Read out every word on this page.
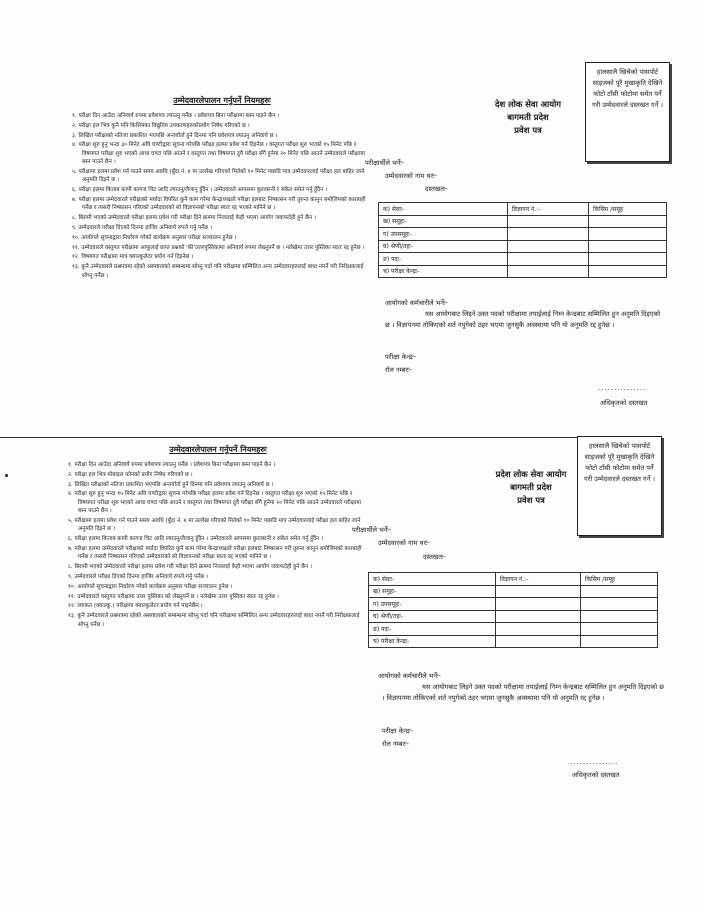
उम्मेदवारलेपालन गर्नुपर्ने नियमहरुः
१. परीक्षा दिन आउँदा अनिवार्य रुपमा प्रवेशपत्र ल्याउनु पर्नेछ । प्रवेशपत्र बिना परीक्षामा बस्न पाइने छैन ।
२. परीक्षा हल भित्र कुनै पनि किसिमका विद्युतिय उपकरणहरुकोप्रयोग निषेध गरिएको छ ।
३. लिखित परीक्षाको नतिजा प्रकाशित भएपछि अन्तर्वार्ता हुने दिनमा पनि प्रवेशपत्र ल्याउनु अनिवार्य छ ।
४. परीक्षा शुरु हुनु भन्दा ३० मिनेट अघि घण्टीद्वारा सूचना गरेपछि परीक्षा हलमा प्रवेश गर्न दिइनेछ । वस्तुगत परीक्षा शुरु भएको १५ मिनेट पछि र विषयगत परीक्षा शुरु भएको आधा घण्टा पछि आउने र वस्तुगत तथा विषयगत दुवै परीक्षा सँगै हुनेमा २० मिनेट पछि आउने उम्मेदवारले परीक्षामा बस्न पाउने छैन ।
५. परीक्षामा हलमा प्रवेश गर्न पाउने समय अवधि (बुँदा नं. ४ मा उल्लेख गरिएको मितेको १० मिनेट पछाडि मात्र उम्मेदवारलाई परीक्षा हल बाहिर जाने अनुमति दिइने छ ।
६. परीक्षा हलमा किताब कापी कागज चिट आदि ल्याउनु/लैजानु हुँदैन । उम्मेदवारले आपसमा कुराकानी र संकेत समेत गर्नु हुँदैन ।
७. परीक्षा हलमा उम्मेदवारले परीक्षाको मर्यादा विपरित कुनै काम गरेमा केन्द्राध्यक्षले परीक्षा हलबाट निष्कासन गरी तुरुन्त कानुन बमोजिमको कारबाही गर्नेछ र त्यसरी निष्कासन गरिएको उम्मेदवारको सो विज्ञापनको परीक्षा स्वतः रद्द भएको मानिने छ ।
८. बिरामी भएको उम्मेदवारले परीक्षा हलमा प्रवेश गरी परीक्षा दिने क्रममा निजलाई केही भएमा आयोग जवाफदेही हुने छैन ।
९. उम्मेदवारले परीक्षा दिएको दिनमा हाजिर अनिवार्य रुपले गर्नु पर्नेछ ।
१०. आयोगले सूचनाद्वारा निर्धारण गरेको कार्यक्रम अनुसार परीक्षा सञ्चालन हुनेछ ।
११. उम्मेदवारले वस्तुगत परीक्षामा आफूलाई प्राप्त प्रश्नको 'की'उत्तरपुस्तिकामा अनिवार्य रुपमा लेख्नुपर्ने छ । नलेखेमा उत्तर पुस्तिका स्वतः रद्द हुनेछ ।
१२. विषयगत परीक्षामा मात्र क्याल्कुलेटर प्रयोग गर्न दिइनेछ ।
१३. कुनै उम्मेदवारले प्रश्नपत्रमा रहेको अस्पष्टताको सम्बन्धमा सोध्नु पर्दा पनि परीक्षामा सम्मिलित अन्य उम्मेदवारहरुलाई बाधा नपर्ने गरी निरीक्षकलाई सोध्नु पर्नेछ ।
देश लोक सेवा आयोग
बागमती प्रदेश
प्रवेश पत्र
हालसालै खिचेको पासपोर्ट साइजको पूरै मुखाकृति देखिने फोटो टाँसी फोटोमा समेत पर्ने गरी उम्मेदवारले दस्तखत गर्ने ।
परीक्षार्थीले भर्नेः-
उम्मेदवारको नाम थरः-
दस्तखतः-
क) सेवाः-	विज्ञापन नं.:-	किसिम /समूह
ख) समूहः-		
ग) उपसमूहः-		
घ) श्रेणी/तहः-		
ङ) पदः-		
च) परीक्षा केन्द्रः-		
आयोगको कर्मचारीले भर्नेः-
यस आयोगबाट लिइने उक्त पदको परीक्षामा तपाईलाई निम्न केन्द्रबाट सम्मिलित हुन अनुमति दिइएको छ । विज्ञापनमा तोकिएको शर्त नपुगेको ठहर भएमा जुनसुकै अवस्थामा पनि यो अनुमति रद्द हुनेछ ।
परीक्षा केन्द्रः-
रोल नम्बरः-
...............
अधिकृतको दस्तखत
उम्मेदवारलेपालन गर्नुपर्ने नियमहरुः
१. परीक्षा दिन आउँदा अनिवार्य रुपमा प्रवेशपत्र ल्याउनु पर्नेछ । प्रवेशपत्र बिना परीक्षामा बस्न पाइने छैन ।
२. परीक्षा हल भित्र मोबाइल फोनको प्रयोग निषेध गरिएको छ ।
३. लिखित परीक्षाको नतिजा प्रकाशित भएपछि अन्तर्वार्ता हुने दिनमा पनि प्रवेशपत्र ल्याउनु अनिवार्य छ ।
४. परीक्षा शुरु हुनु भन्दा १५ मिनेट अघि घण्टीद्वारा सूचना गरेपछि परीक्षा हलमा प्रवेश गर्न दिइनेछ । वस्तुगत परीक्षा शुरु भएको १५ मिनेट पछि र विषयगत परीक्षा शुरु भएको आधा घण्टा पछि आउने र वस्तुगत तथा विषयगत दुवै परीक्षा सँगै हुनेमा २० मिनेट पछि आउने उम्मेदवारले परीक्षामा बस्न पाउने छैन ।
५. परीक्षामा हलमा प्रवेश गर्न पाउने समय अवधि (बुँदा नं. ४ मा उल्लेख गरिएको मितेको १० मिनेट पछाडि मात्र उम्मेदवारलाई परीक्षा हल बाहिर जाने अनुमति दिइने छ ।
६. परीक्षा हलमा किताब कापी कागज चिट आदि ल्याउनु/लैजानु हुँदैन । उम्मेदवारले आपसमा कुराकानी र संकेत समेत गर्नु हुँदैन ।
७. परीक्षा हलमा उम्मेदवारले परीक्षाको मर्यादा विपरित कुनै काम गरेमा केन्द्राध्यक्षले परीक्षा हलबाट निष्कासन गरी तुरुन्त कानुन बमोजिमको कारबाही गर्नेछ र त्यसरी निष्कासन गरिएको उम्मेदवारको सो विज्ञापनको परीक्षा स्वतः रद्द भएको मानिने छ ।
८. बिरामी भएको उम्मेदवारले परीक्षा हलमा प्रवेश गरी परीक्षा दिने क्रममा निजलाई केही भएमा आयोग जवाफदेही हुने छैन ।
९. उम्मेदवारले परीक्षा दिएको दिनमा हाजिर अनिवार्य रुपले गर्नु पर्नेछ ।
१०. आयोगले सूचनाद्वारा निर्धारण गरेको कार्यक्रम अनुसार परीक्षा सञ्चालन हुनेछ ।
११. उम्मेदवारले वस्तुगत परीक्षामा उत्तर पुस्तिका को लेख्नुपर्ने छ । नलेखेमा उत्तर पुस्तिका स्वतः रद्द हुनेछ ।
१२. ल्याकत (क्याल्कु.) परीक्षामा क्याल्कुलेटर प्रयोग गर्न पाइनेछैन ।
१३. कुनै उम्मेदवारले प्रश्नपत्रमा रहेको अस्पष्टताको सम्बन्धमा सोध्नु पर्दा पनि परीक्षामा सम्मिलित अन्य उम्मेदवारहरुलाई बाधा नपर्ने गरी निरीक्षकलाई सोध्नु पर्नेछ ।
प्रदेश लोक सेवा आयोग
बागमती प्रदेश
प्रवेश पत्र
हालसालै खिचेको पासपोर्ट साइजको पूरै मुखाकृति देखिने फोटो टाँसी फोटोमा समेत पर्ने गरी उम्मेदवारले दस्तखत गर्ने ।
परीक्षार्थीले भर्नेः-
उम्मेदवारको नाम थरः-
दस्तखतः-
क) सेवाः-	विज्ञापन नं.:-	किसिम /समूह
ख) समूहः-		
ग) उपसमूहः-		
घ) श्रेणी/तहः-		
ङ) पदः-		
च) परीक्षा केन्द्रः-		
आयोगको कर्मचारीले भर्नेः-
यस आयोगबाट लिइने उक्त पदको परीक्षामा तपाईलाई निम्न केन्द्रबाट सम्मिलित हुन अनुमति दिइएको छ । विज्ञापनमा तोकिएको शर्त नपुगेको ठहर भएमा जुनसुकै अवस्थामा पनि यो अनुमति रद्द हुनेछ ।
परीक्षा केन्द्रः-
रोल नम्बरः-
...............
अधिकृतको दस्तखत
